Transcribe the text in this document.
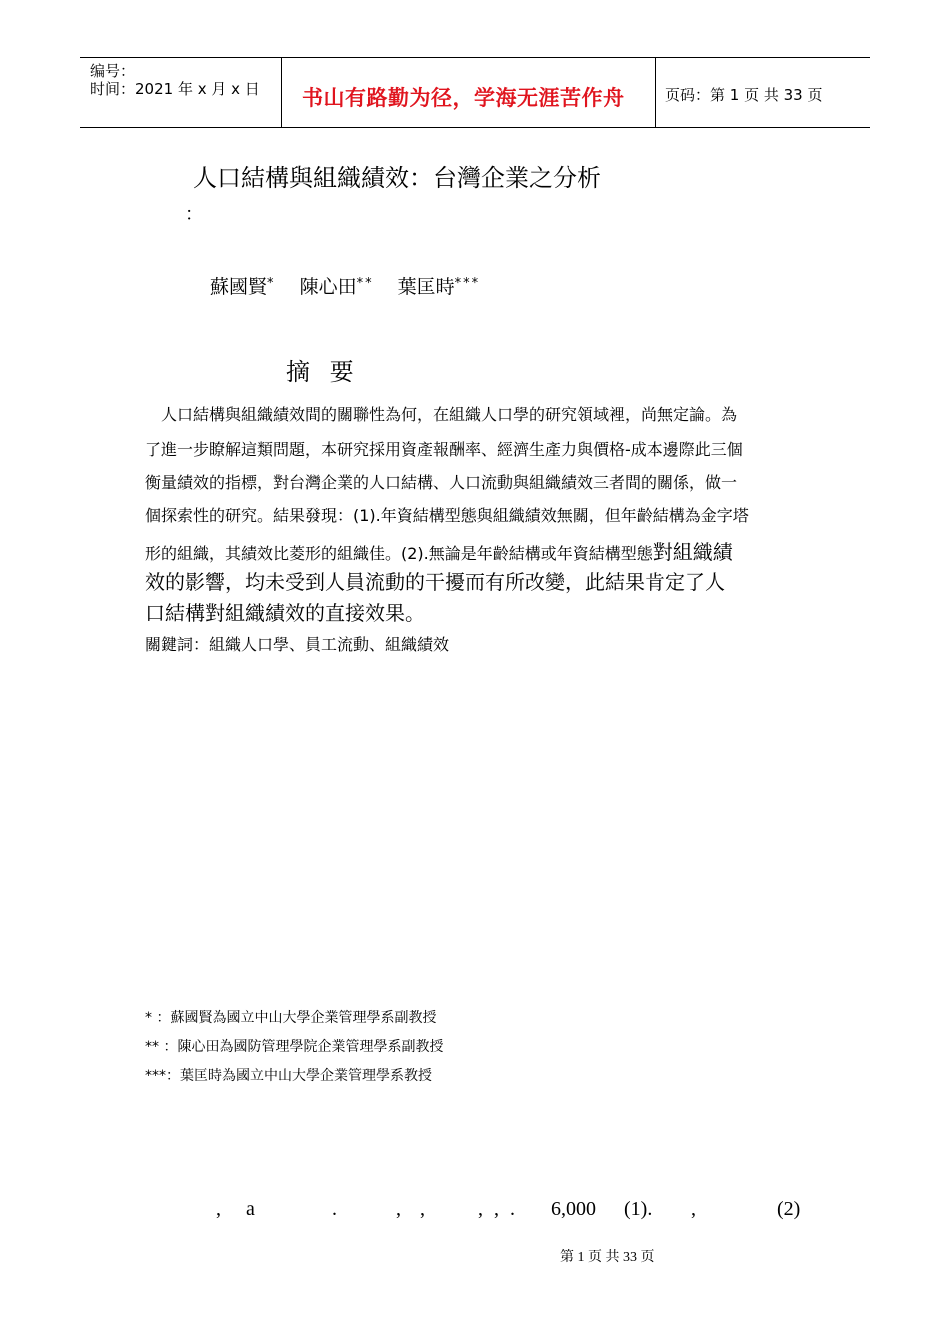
编号：
时间：2021 年 x 月 x 日 书山有路勤为径，学海无涯苦作舟	页码：第 1 页 共 33 页
人口結構與組織績效：台灣企業之分析
：
蘇國賢* 陳心田** 葉匡時***
摘 要
　人口結構與組織績效間的關聯性為何，在組織人口學的研究領域裡，尚無定論。為
了進一步瞭解這類問題，本研究採用資產報酬率、經濟生產力與價格-成本邊際此三個
衡量績效的指標，對台灣企業的人口結構、人口流動與組織績效三者間的關係，做一
個探索性的研究。結果發現：(1).年資結構型態與組織績效無關，但年齡結構為金字塔
形的組織，其績效比菱形的組織佳。(2).無論是年齡結構或年資結構型態對組織績
效的影響，均未受到人員流動的干擾而有所改變，此結果肯定了人
口結構對組織績效的直接效果。
關鍵詞：組織人口學、員工流動、組織績效
* ：蘇國賢為國立中山大學企業管理學系副教授
** ：陳心田為國防管理學院企業管理學系副教授
***：葉匡時為國立中山大學企業管理學系教授
, a	.	, ,	, , . 6,000 (1). ,	(2)
第 1 页 共 33 页
